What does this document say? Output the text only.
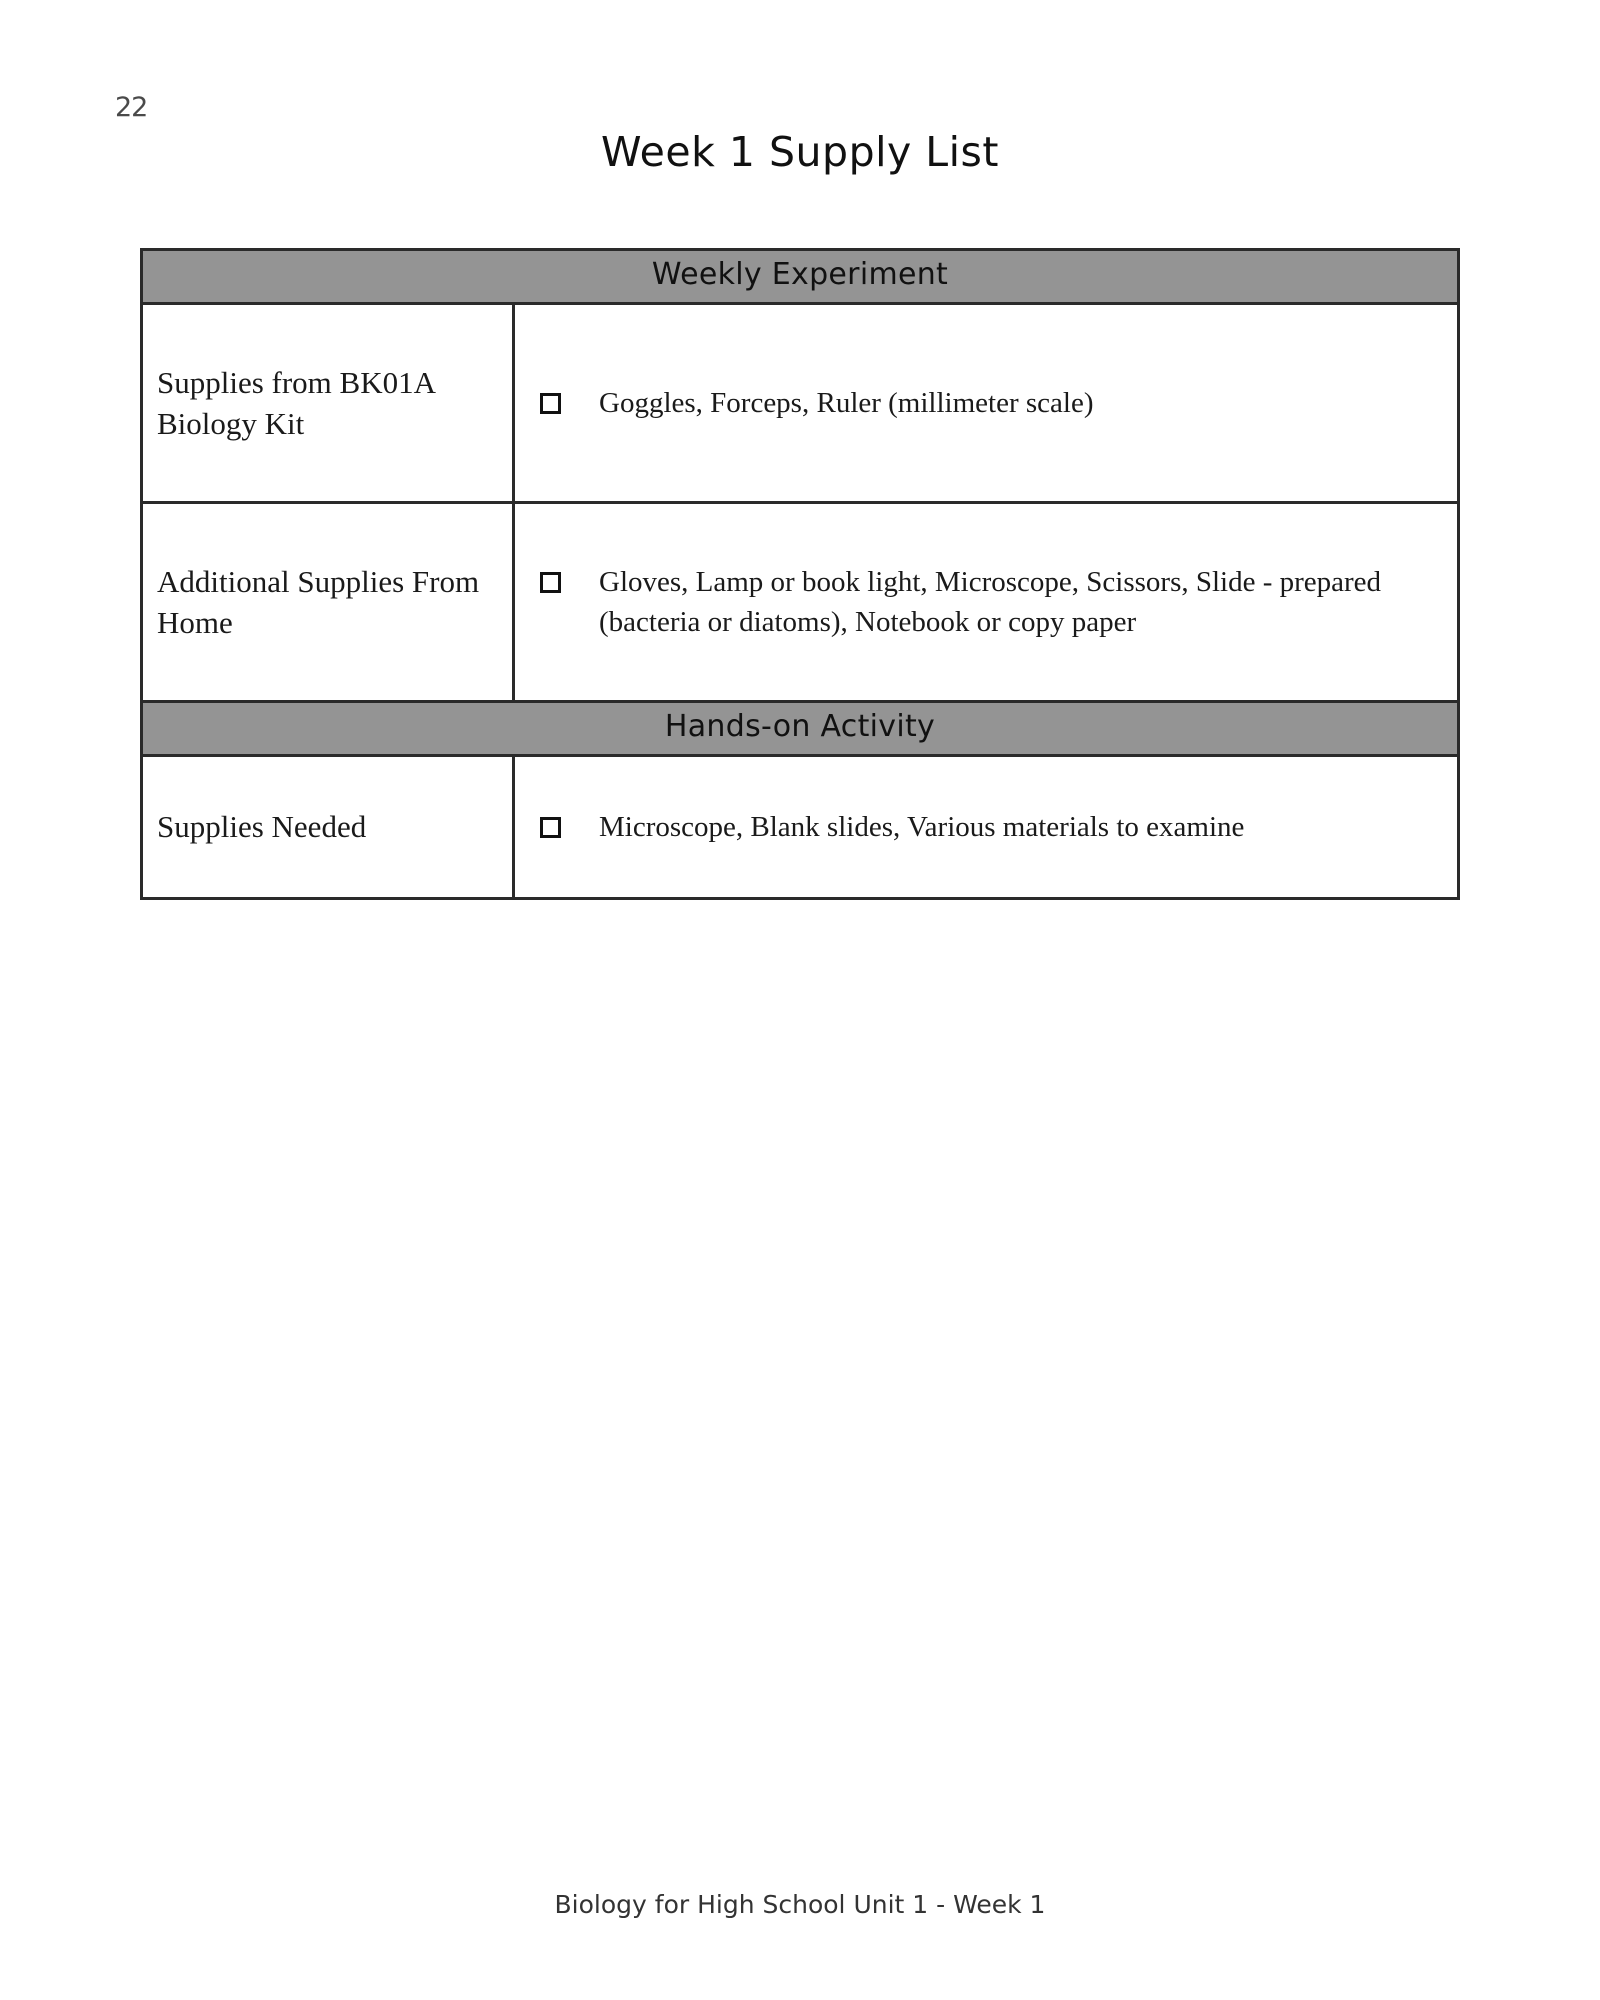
22
Week 1 Supply List
Weekly Experiment	
Supplies from BK01A Biology Kit	Goggles, Forceps, Ruler (millimeter scale)

Additional Supplies From Home	Gloves, Lamp or book light, Microscope, Scissors, Slide - prepared (bacteria or diatoms), Notebook or copy paper

Hands-on Activity	
Supplies Needed	Microscope, Blank slides, Various materials to examine
Biology for High School Unit 1 - Week 1
